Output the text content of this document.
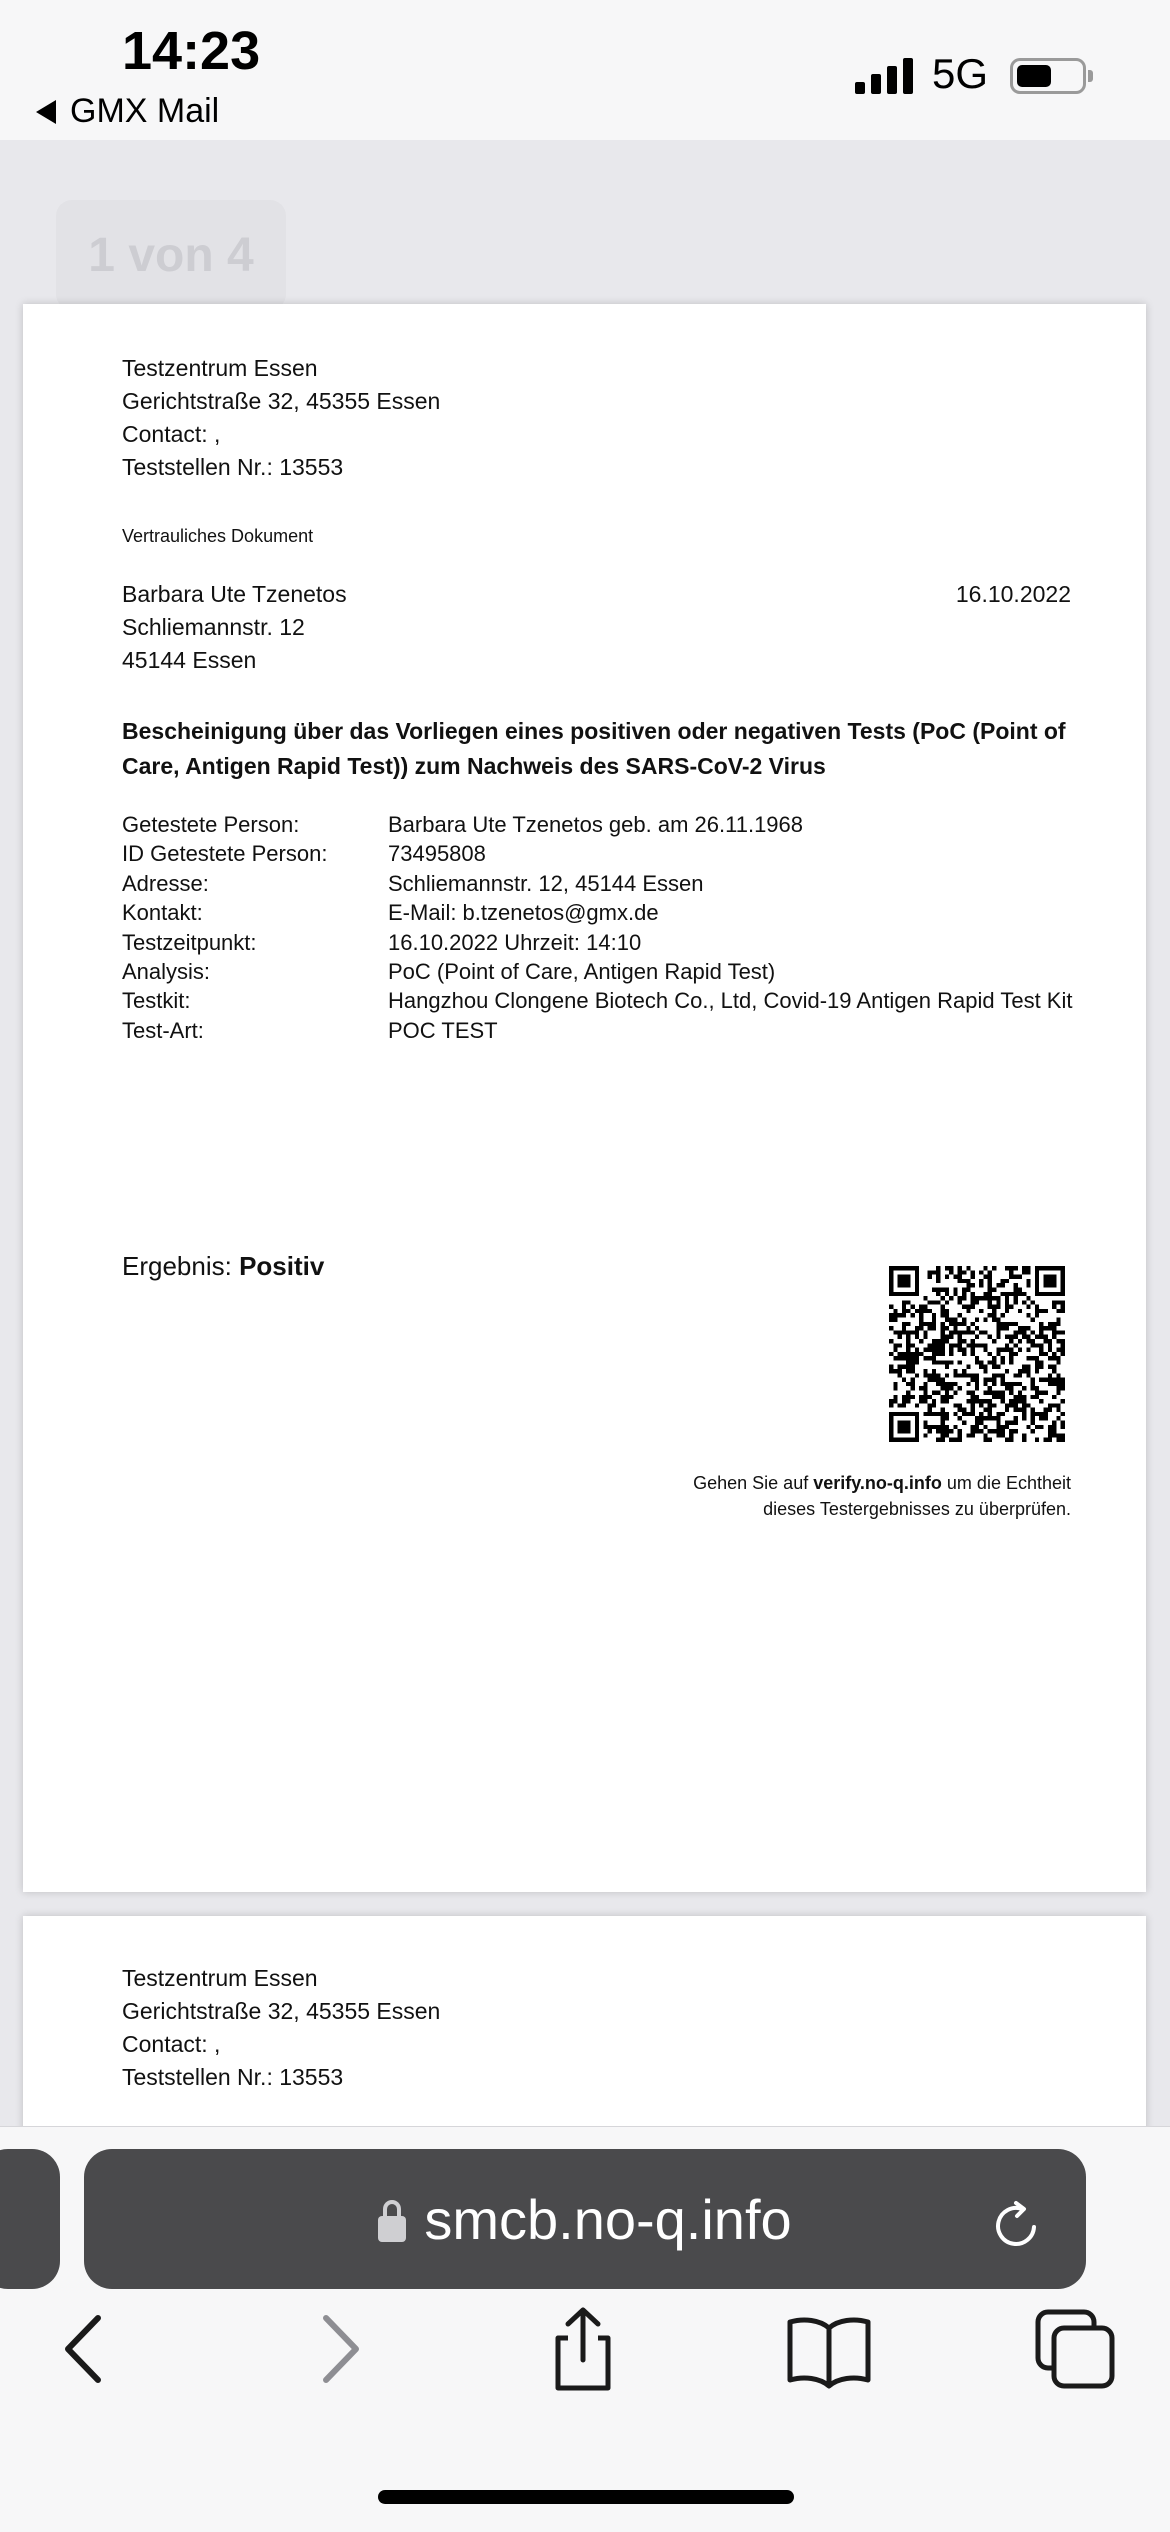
14:23
GMX Mail
5G
1 von 4
Testzentrum Essen
Gerichtstraße 32, 45355 Essen
Contact: ,
Teststellen Nr.: 13553
Vertrauliches Dokument
Barbara Ute Tzenetos
Schliemannstr. 12
45144 Essen
16.10.2022
Bescheinigung über das Vorliegen eines positiven oder negativen Tests (PoC (Point of Care, Antigen Rapid Test)) zum Nachweis des SARS-CoV-2 Virus
Getestete Person:	Barbara Ute Tzenetos geb. am 26.11.1968
ID Getestete Person:	73495808
Adresse:	Schliemannstr. 12, 45144 Essen
Kontakt:	E-Mail: b.tzenetos@gmx.de
Testzeitpunkt:	16.10.2022 Uhrzeit: 14:10
Analysis:	PoC (Point of Care, Antigen Rapid Test)
Testkit:	Hangzhou Clongene Biotech Co., Ltd, Covid-19 Antigen Rapid Test Kit
Test-Art:	POC TEST
Ergebnis: Positiv
Gehen Sie auf verify.no-q.info um die Echtheit dieses Testergebnisses zu überprüfen.
Testzentrum Essen
Gerichtstraße 32, 45355 Essen
Contact: ,
Teststellen Nr.: 13553
smcb.no-q.info
